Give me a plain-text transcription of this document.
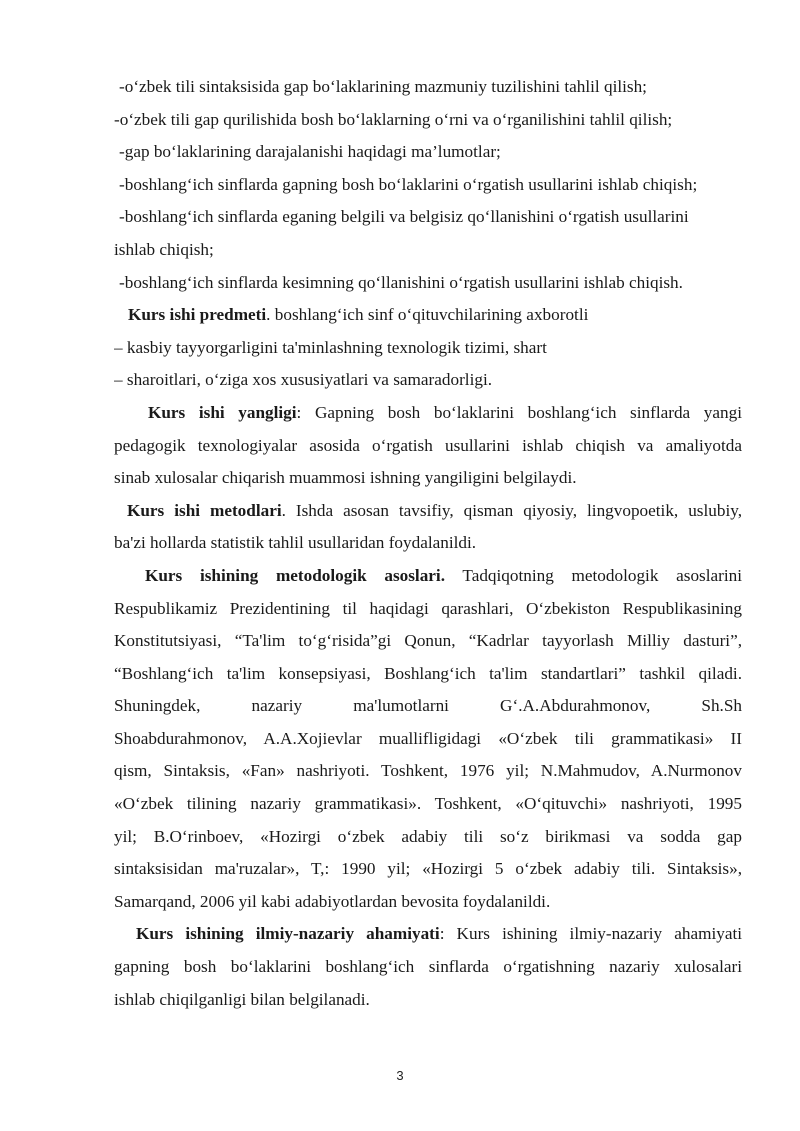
-o‘zbek tili sintaksisida gap bo‘laklarining mazmuniy tuzilishini tahlil qilish;
-o‘zbek tili gap qurilishida bosh bo‘laklarning o‘rni va o‘rganilishini tahlil qilish;
-gap bo‘laklarining darajalanishi haqidagi ma’lumotlar;
-boshlang‘ich sinflarda gapning bosh bo‘laklarini o‘rgatish usullarini ishlab chiqish;
-boshlang‘ich sinflarda eganing belgili va belgisiz qo‘llanishini o‘rgatish usullarini
ishlab chiqish;
-boshlang‘ich sinflarda kesimning qo‘llanishini o‘rgatish usullarini ishlab chiqish.
Kurs ishi predmeti. boshlang‘ich sinf o‘qituvchilarining axborotli
– kasbiy tayyorgarligini ta'minlashning texnologik tizimi, shart
– sharoitlari, o‘ziga xos xususiyatlari va samaradorligi.
Kurs ishi yangligi: Gapning bosh bo‘laklarini boshlang‘ich sinflarda yangi
pedagogik texnologiyalar asosida o‘rgatish usullarini ishlab chiqish va amaliyotda
sinab xulosalar chiqarish muammosi ishning yangiligini belgilaydi.
Kurs ishi metodlari. Ishda asosan tavsifiy, qisman qiyosiy, lingvopoetik, uslubiy,
ba'zi hollarda statistik tahlil usullaridan foydalanildi.
Kurs ishining metodologik asoslari. Tadqiqotning metodologik asoslarini
Respublikamiz Prezidentining til haqidagi qarashlari, O‘zbekiston Respublikasining
Konstitutsiyasi, “Ta'lim to‘g‘risida”gi Qonun, “Kadrlar tayyorlash Milliy dasturi”,
“Boshlang‘ich ta'lim konsepsiyasi, Boshlang‘ich ta'lim standartlari” tashkil qiladi.
Shuningdek, nazariy ma'lumotlarni G‘.A.Abdurahmonov, Sh.Sh
Shoabdurahmonov, A.A.Xojievlar muallifligidagi «O‘zbek tili grammatikasi» II
qism, Sintaksis, «Fan» nashriyoti. Toshkent, 1976 yil; N.Mahmudov, A.Nurmonov
«O‘zbek tilining nazariy grammatikasi». Toshkent, «O‘qituvchi» nashriyoti, 1995
yil; B.O‘rinboev, «Hozirgi o‘zbek adabiy tili so‘z birikmasi va sodda gap
sintaksisidan ma'ruzalar», T,: 1990 yil; «Hozirgi 5 o‘zbek adabiy tili. Sintaksis»,
Samarqand, 2006 yil kabi adabiyotlardan bevosita foydalanildi.
Kurs ishining ilmiy-nazariy ahamiyati: Kurs ishining ilmiy-nazariy ahamiyati
gapning bosh bo‘laklarini boshlang‘ich sinflarda o‘rgatishning nazariy xulosalari
ishlab chiqilganligi bilan belgilanadi.
3
